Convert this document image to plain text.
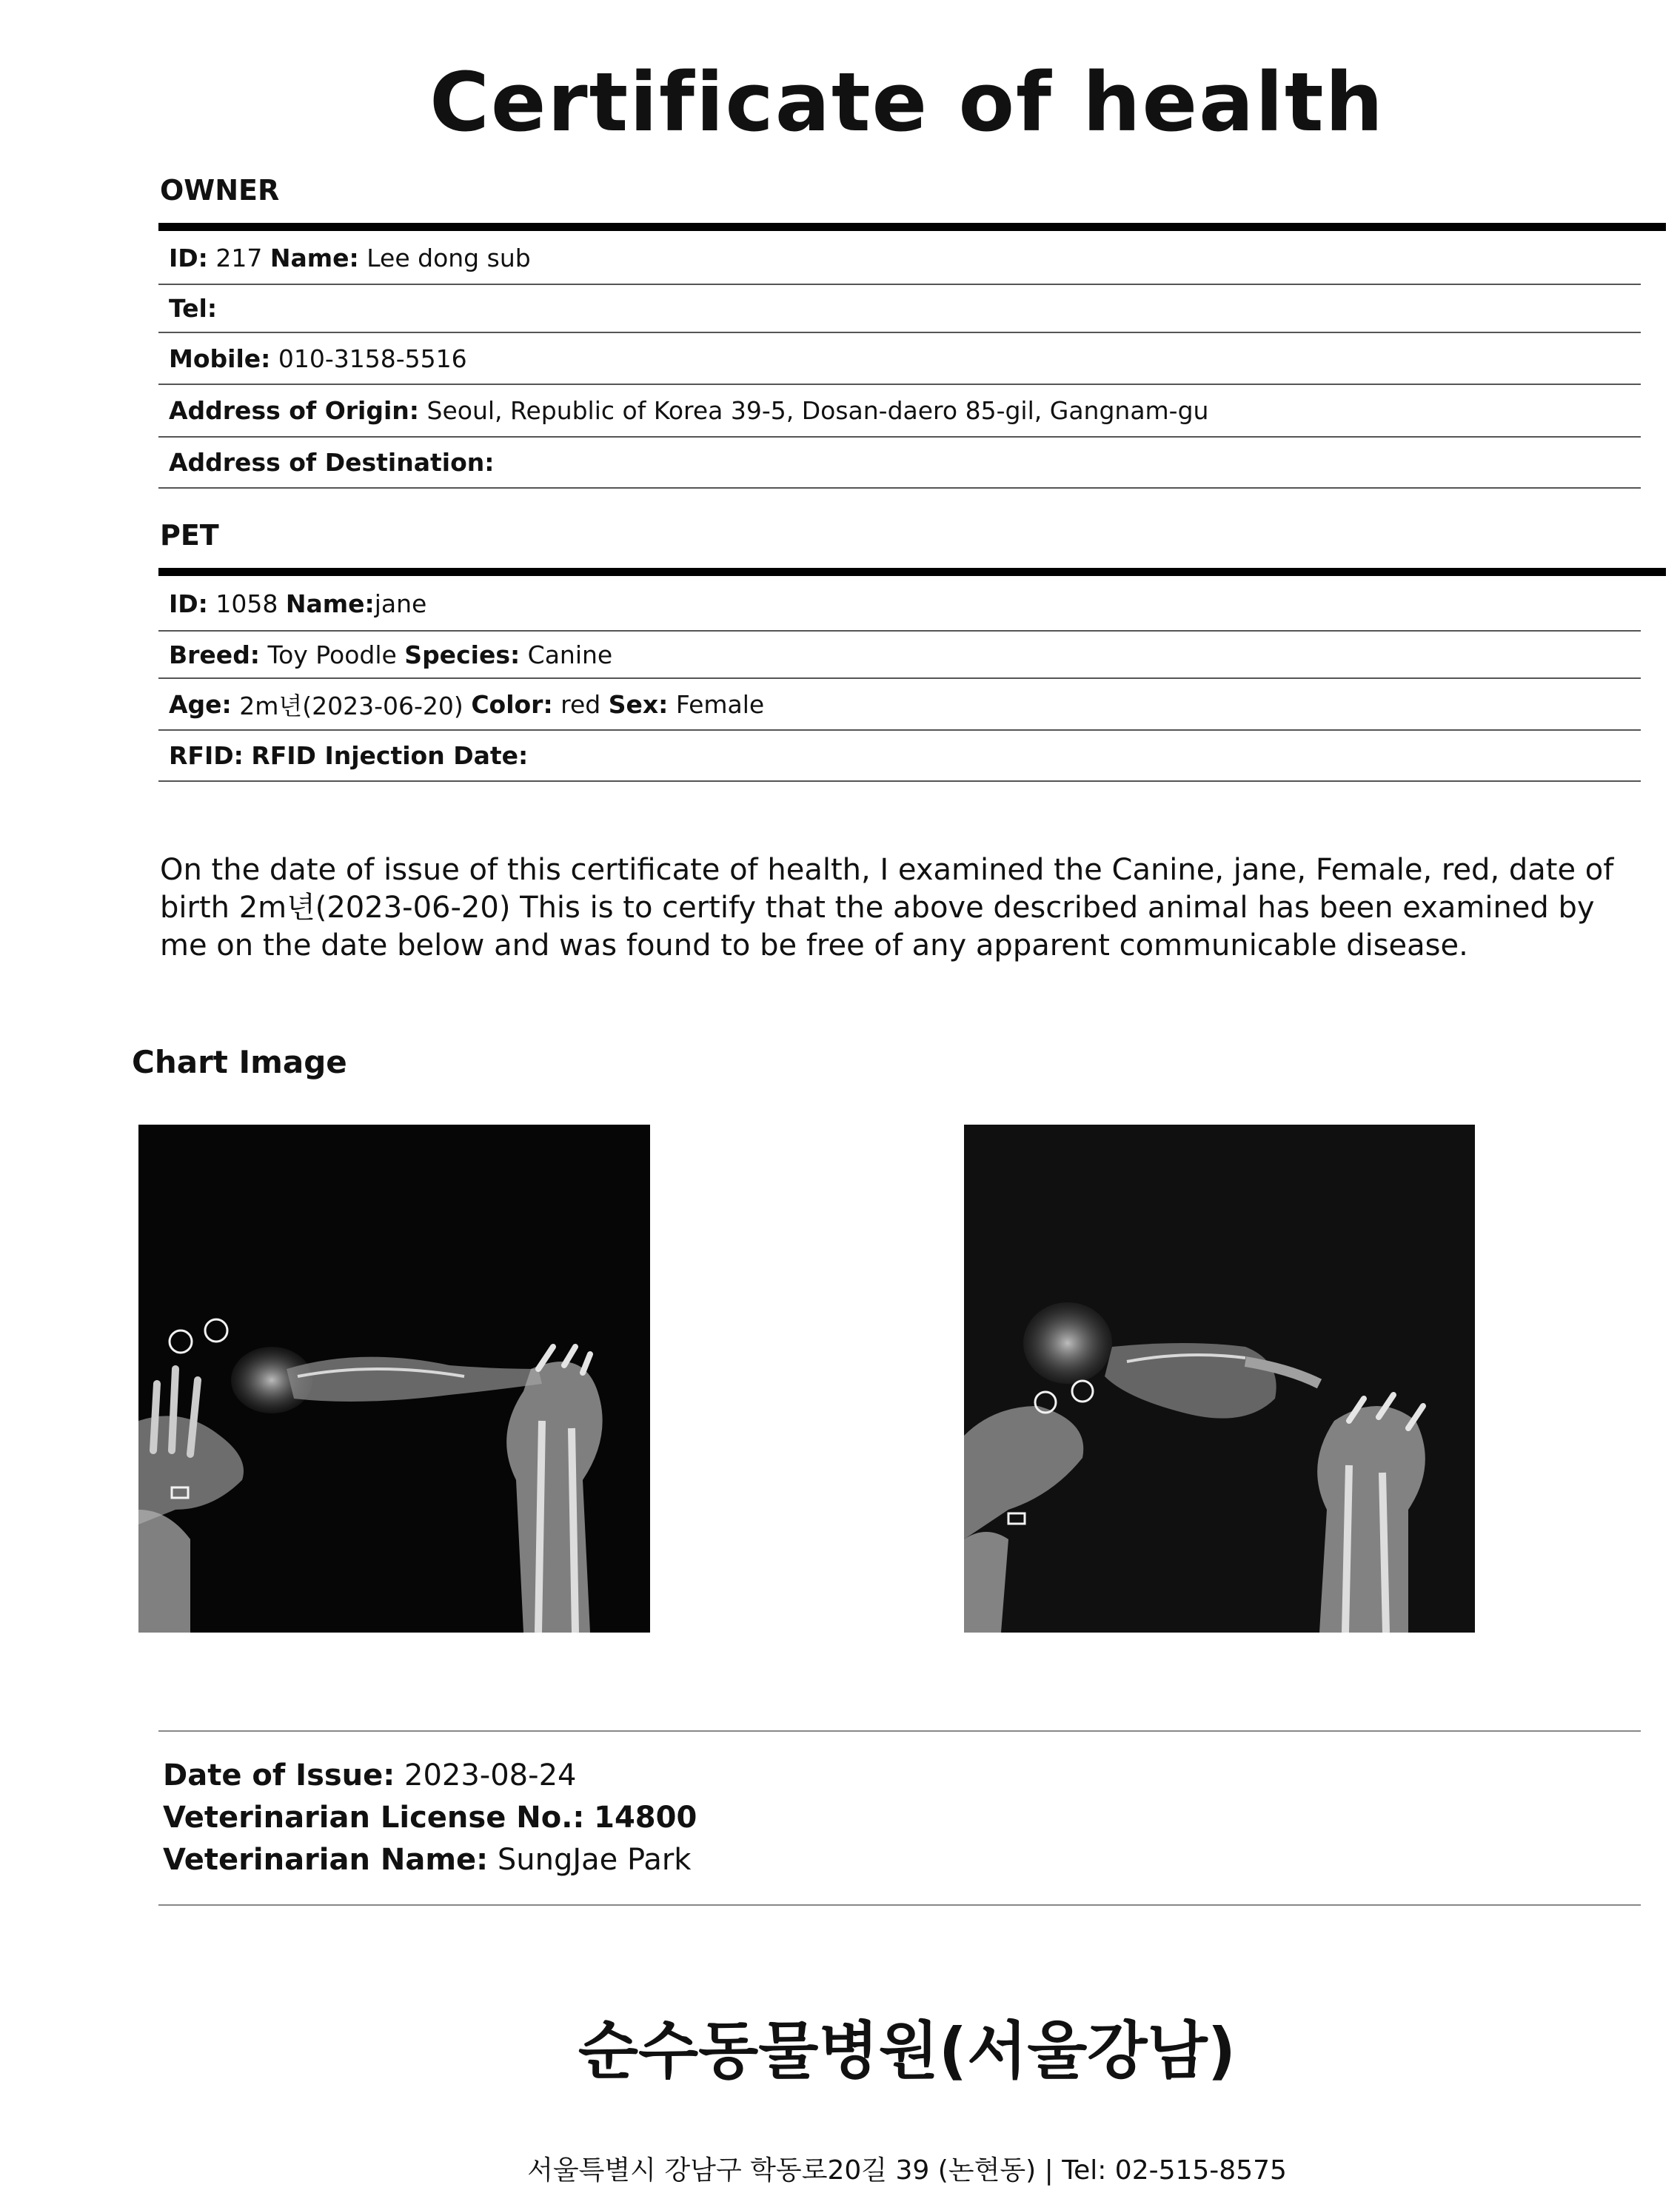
Certificate of health
OWNER
ID:
217
Name:
Lee dong sub
Tel:

Mobile:
010-3158-5516
Address of Origin:
Seoul, Republic of Korea 39-5, Dosan-daero 85-gil, Gangnam-gu
Address of Destination:

PET
ID:
1058
Name: jane
Breed:
Toy Poodle
Species:
Canine
Age:
2m년(2023-06-20)
Color:
red
Sex:
Female
RFID:
RFID Injection Date:
On the date of issue of this certificate of health, I examined the Canine, jane, Female, red, date of birth 2m년(2023-06-20) This is to certify that the above described animal has been examined by me on the date below and was found to be free of any apparent communicable disease.
Chart Image
Date of Issue: 2023-08-24
Veterinarian License No.: 14800
Veterinarian Name: SungJae Park
순수동물병원(서울강남)
서울특별시 강남구 학동로20길 39 (논현동) | Tel: 02-515-8575
